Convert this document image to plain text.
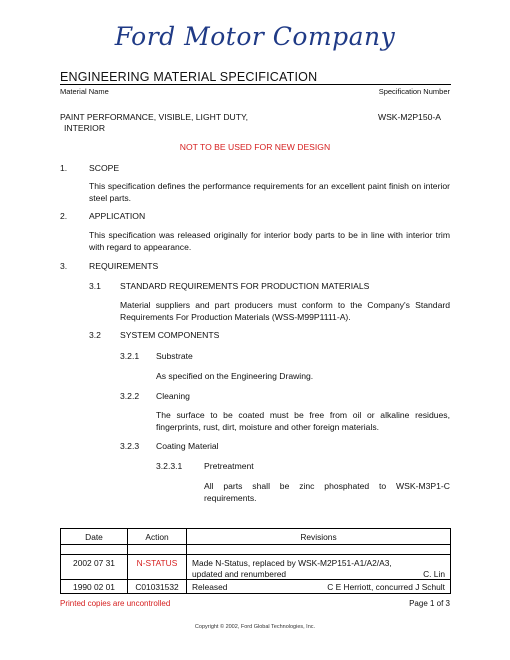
Ford Motor Company
ENGINEERING MATERIAL SPECIFICATION
Material Name	Specification Number
PAINT PERFORMANCE, VISIBLE, LIGHT DUTY,
INTERIOR
WSK-M2P150-A
NOT TO BE USED FOR NEW DESIGN
1.	SCOPE
This specification defines the performance requirements for an excellent paint finish on interior steel parts.
2.	APPLICATION
This specification was released originally for interior body parts to be in line with interior trim with regard to appearance.
3.	REQUIREMENTS
3.1 STANDARD REQUIREMENTS FOR PRODUCTION MATERIALS
Material suppliers and part producers must conform to the Company's Standard Requirements For Production Materials (WSS-M99P1111-A).
3.2 SYSTEM COMPONENTS
3.2.1 Substrate
As specified on the Engineering Drawing.
3.2.2 Cleaning
The surface to be coated must be free from oil or alkaline residues, fingerprints, rust, dirt, moisture and other foreign materials.
3.2.3 Coating Material
3.2.3.1	Pretreatment
All parts shall be zinc phosphated to WSK-M3P1-C requirements.
Date	Action	Revisions

2002 07 31	N-STATUS	Made N-Status, replaced by WSK-M2P151-A1/A2/A3,
updated and renumbered C. Lin

1990 02 01	C01031532	Released C E Herriott, concurred J Schult
Printed copies are uncontrolled	Page 1 of 3
Copyright © 2002, Ford Global Technologies, Inc.
